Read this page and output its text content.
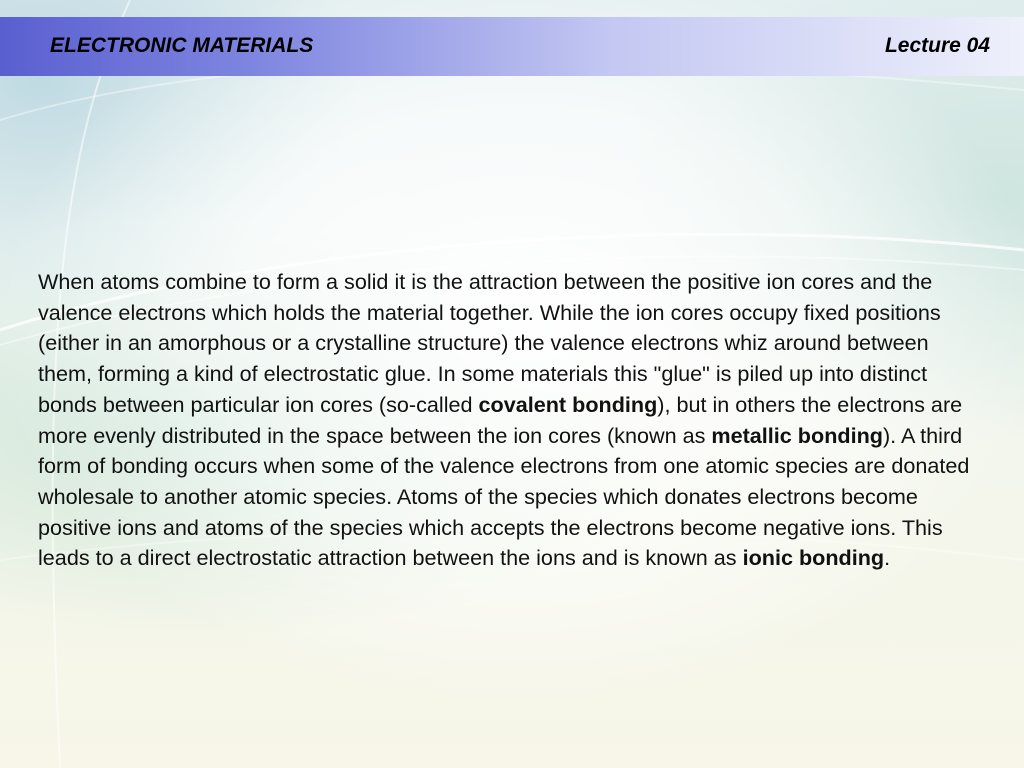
ELECTRONIC MATERIALS	Lecture 04

When atoms combine to form a solid it is the attraction between the positive ion cores and the valence electrons which holds the material together. While the ion cores occupy fixed positions (either in an amorphous or a crystalline structure) the valence electrons whiz around between them, forming a kind of electrostatic glue. In some materials this "glue" is piled up into distinct bonds between particular ion cores (so-called covalent bonding), but in others the electrons are more evenly distributed in the space between the ion cores (known as metallic bonding). A third form of bonding occurs when some of the valence electrons from one atomic species are donated wholesale to another atomic species. Atoms of the species which donates electrons become positive ions and atoms of the species which accepts the electrons become negative ions. This leads to a direct electrostatic attraction between the ions and is known as ionic bonding.
